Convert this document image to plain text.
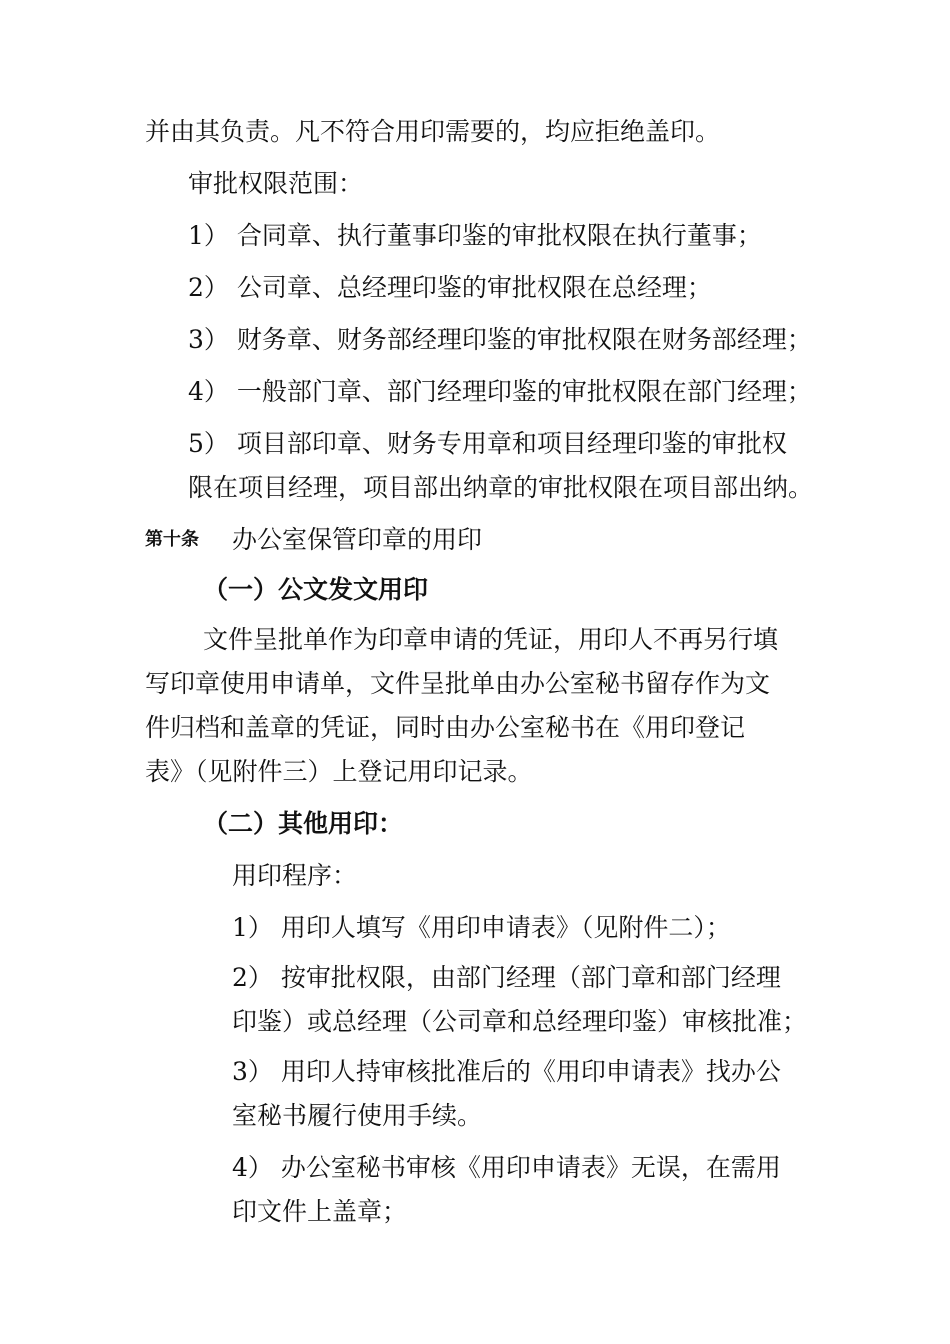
并由其负责。凡不符合用印需要的，均应拒绝盖印。
审批权限范围：
1） 合同章、执行董事印鉴的审批权限在执行董事；
2） 公司章、总经理印鉴的审批权限在总经理；
3） 财务章、财务部经理印鉴的审批权限在财务部经理；
4） 一般部门章、部门经理印鉴的审批权限在部门经理；
5） 项目部印章、财务专用章和项目经理印鉴的审批权
限在项目经理，项目部出纳章的审批权限在项目部出纳。
第十条 办公室保管印章的用印
（一）公文发文用印
文件呈批单作为印章申请的凭证，用印人不再另行填
写印章使用申请单，文件呈批单由办公室秘书留存作为文
件归档和盖章的凭证，同时由办公室秘书在《用印登记
表》（见附件三）上登记用印记录。
（二）其他用印：
用印程序：
1） 用印人填写《用印申请表》（见附件二）；
2） 按审批权限，由部门经理（部门章和部门经理
印鉴）或总经理（公司章和总经理印鉴）审核批准；
3） 用印人持审核批准后的《用印申请表》找办公
室秘书履行使用手续。
4） 办公室秘书审核《用印申请表》无误，在需用
印文件上盖章；
